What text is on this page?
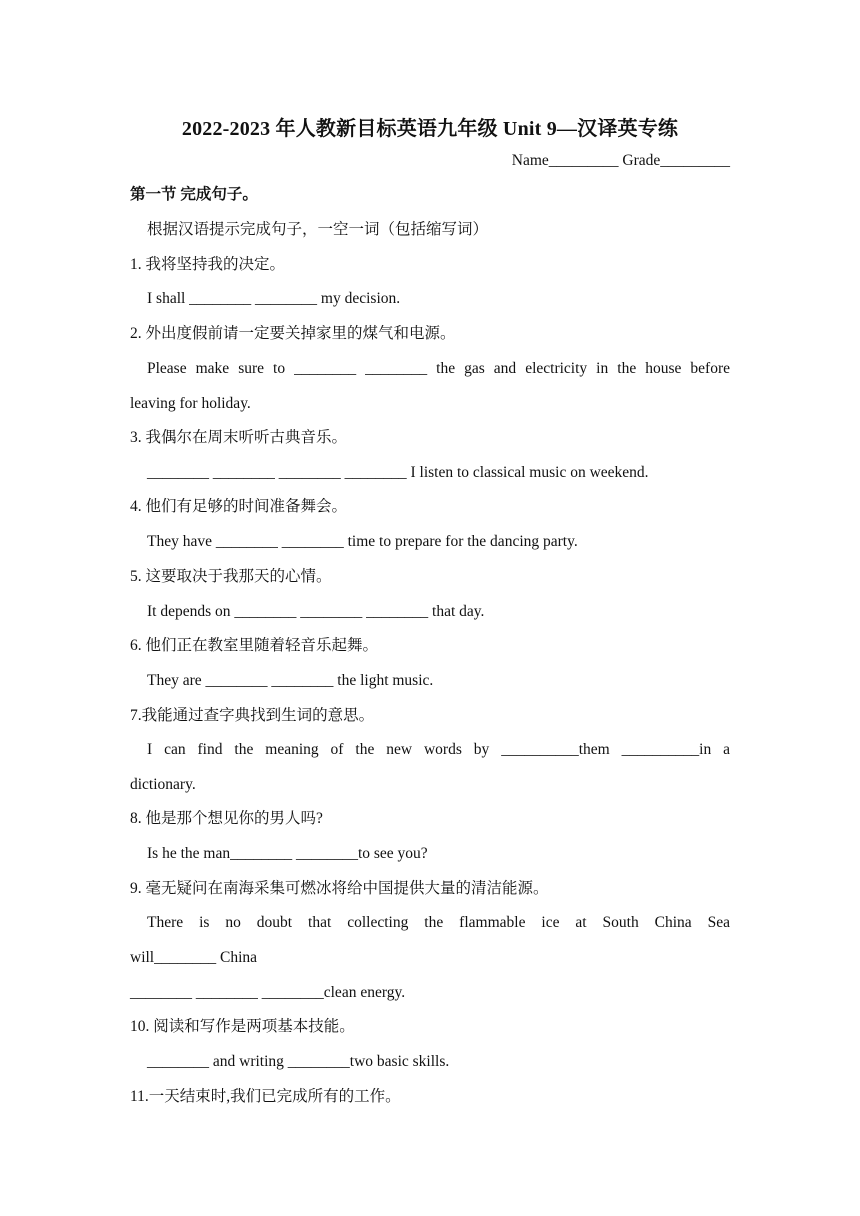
2022-2023 年人教新目标英语九年级 Unit 9—汉译英专练
Name_________ Grade_________
第一节 完成句子。
根据汉语提示完成句子，一空一词（包括缩写词）
1. 我将坚持我的决定。
I shall ________ ________ my decision.
2. 外出度假前请一定要关掉家里的煤气和电源。
Please make sure to ________ ________ the gas and electricity in the house before
leaving for holiday.
3. 我偶尔在周末听听古典音乐。
________ ________ ________ ________ I listen to classical music on weekend.
4. 他们有足够的时间准备舞会。
They have ________ ________ time to prepare for the dancing party.
5. 这要取决于我那天的心情。
It depends on ________ ________ ________ that day.
6. 他们正在教室里随着轻音乐起舞。
They are ________ ________ the light music.
7.我能通过查字典找到生词的意思。
I can find the meaning of the new words by __________them __________in a
dictionary.
8. 他是那个想见你的男人吗?
Is he the man________ ________to see you?
9. 毫无疑问在南海采集可燃冰将给中国提供大量的清洁能源。
There is no doubt that collecting the flammable ice at South China Sea
will________ China
________ ________ ________clean energy.
10. 阅读和写作是两项基本技能。
________ and writing ________two basic skills.
11.一天结束时,我们已完成所有的工作。
